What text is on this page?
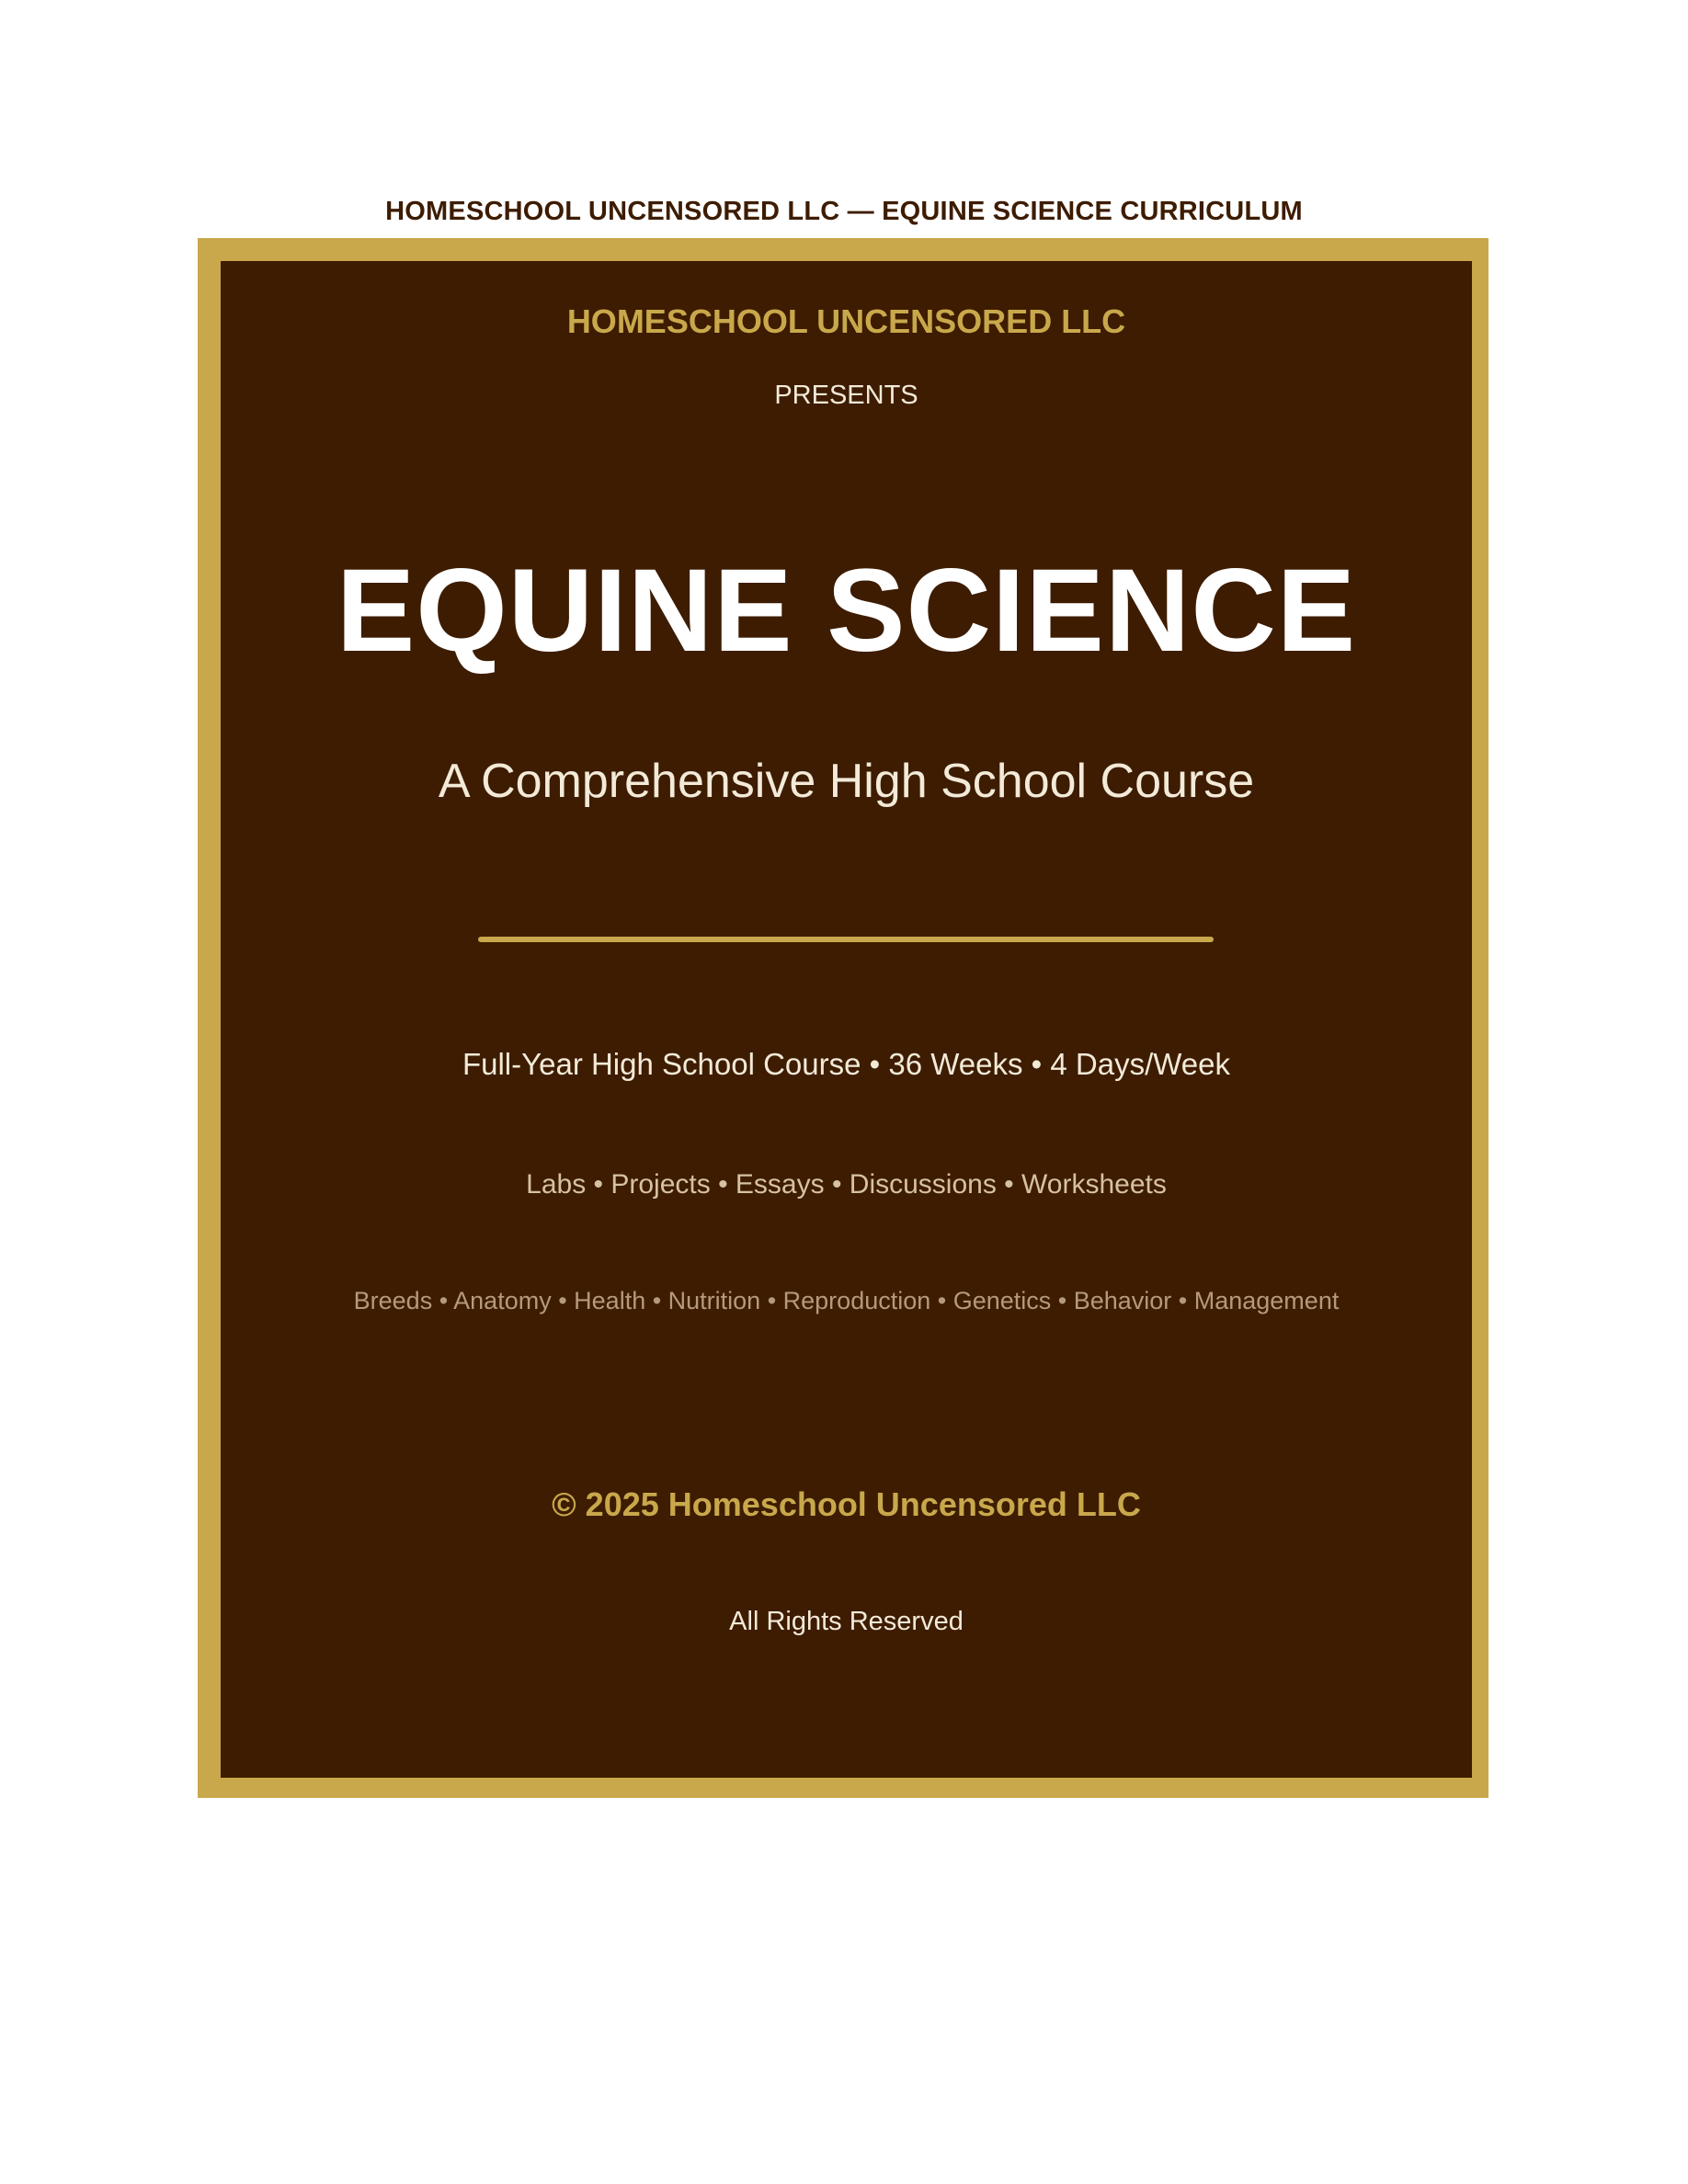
HOMESCHOOL UNCENSORED LLC — EQUINE SCIENCE CURRICULUM
HOMESCHOOL UNCENSORED LLC
PRESENTS
EQUINE SCIENCE
A Comprehensive High School Course
Full-Year High School Course • 36 Weeks • 4 Days/Week
Labs • Projects • Essays • Discussions • Worksheets
Breeds • Anatomy • Health • Nutrition • Reproduction • Genetics • Behavior • Management
© 2025 Homeschool Uncensored LLC
All Rights Reserved
